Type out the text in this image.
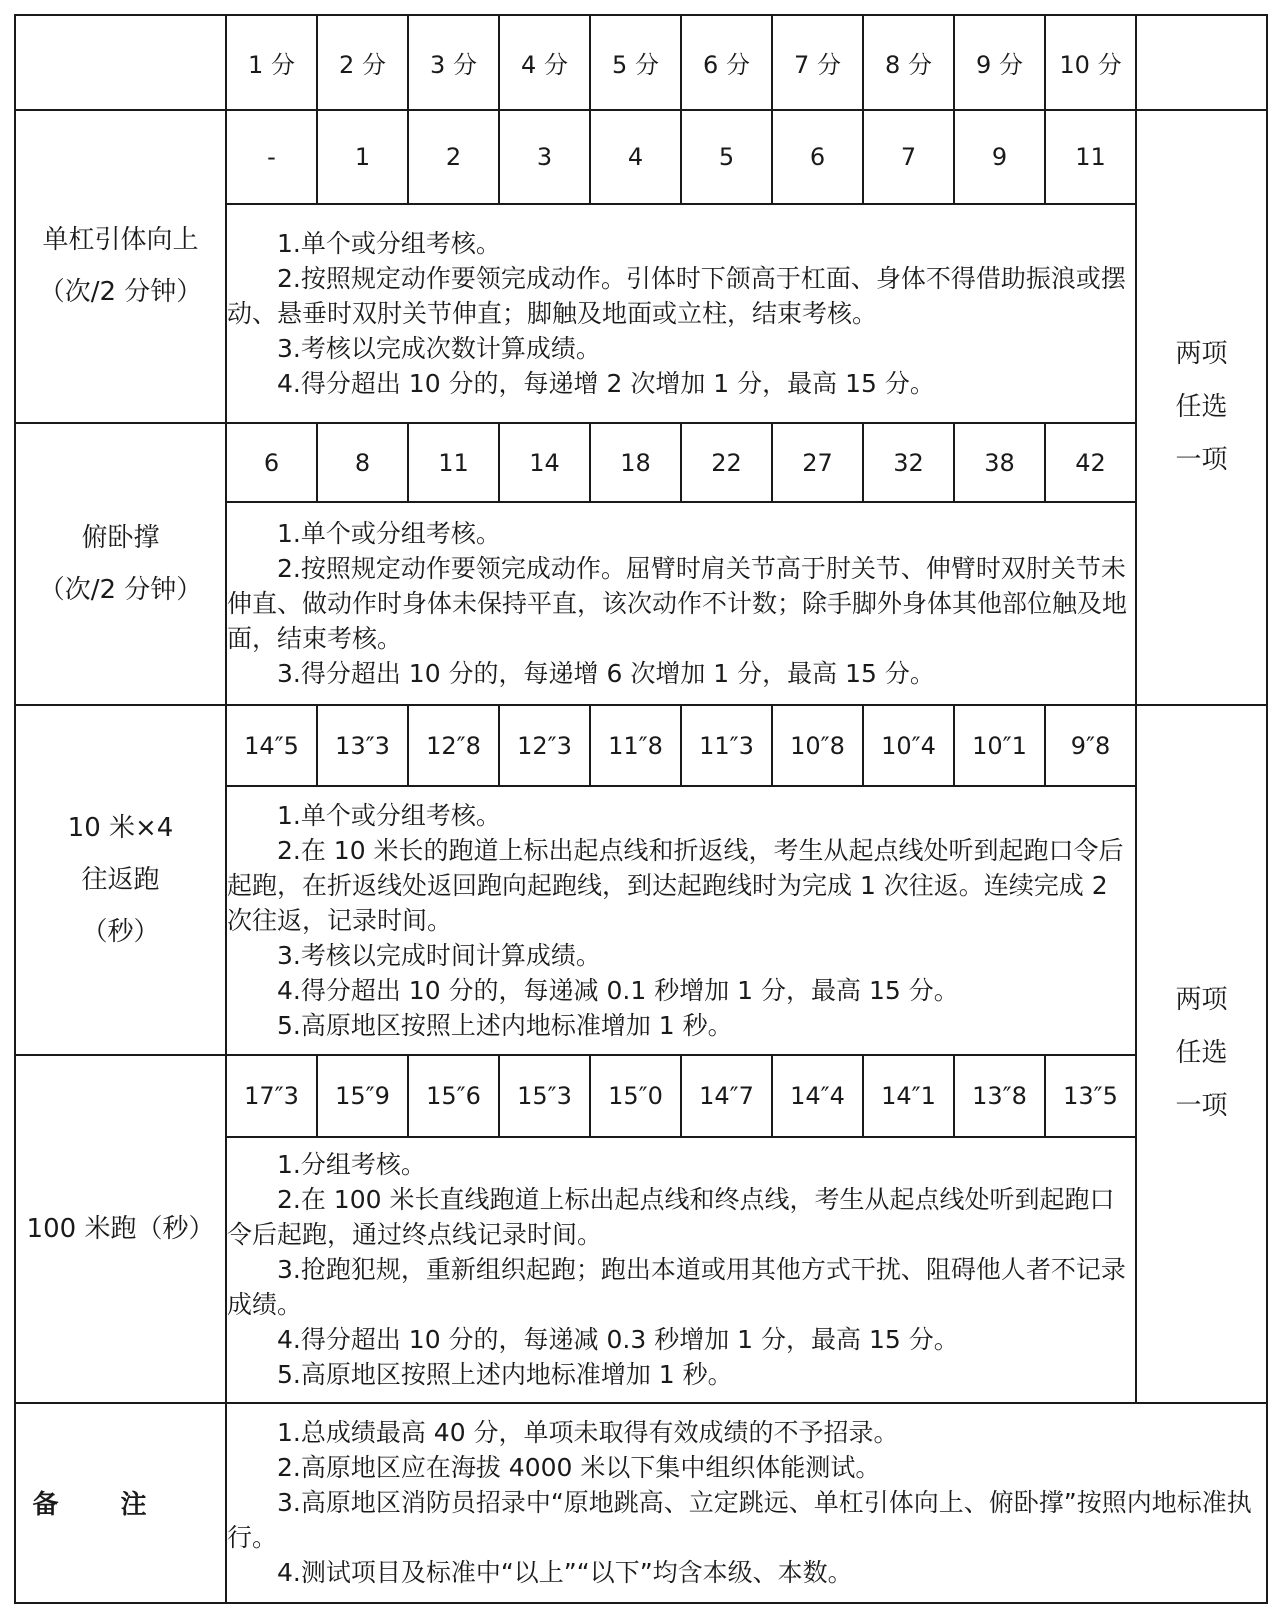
	1 分	2 分	3 分	4 分	5 分	6 分	7 分	8 分	9 分	10 分	

单杠引体向上
（次/2 分钟）	-	1	2	3	4	5	6	7	9	11	两项
任选
一项

	1.单个或分组考核。

2.按照规定动作要领完成动作。引体时下颌高于杠面、身体不得借助振浪或摆动、悬垂时双肘关节伸直；脚触及地面或立柱，结束考核。

3.考核以完成次数计算成绩。

4.得分超出 10 分的，每递增 2 次增加 1 分，最高 15 分。										

俯卧撑
（次/2 分钟）	6	8	11	14	18	22	27	32	38	42	

	1.单个或分组考核。

2.按照规定动作要领完成动作。屈臂时肩关节高于肘关节、伸臂时双肘关节未伸直、做动作时身体未保持平直，该次动作不计数；除手脚外身体其他部位触及地面，结束考核。

3.得分超出 10 分的，每递增 6 次增加 1 分，最高 15 分。										

10 米×4
往返跑
（秒）	14″5	13″3	12″8	12″3	11″8	11″3	10″8	10″4	10″1	9″8	两项
任选
一项

	1.单个或分组考核。

2.在 10 米长的跑道上标出起点线和折返线，考生从起点线处听到起跑口令后起跑，在折返线处返回跑向起跑线，到达起跑线时为完成 1 次往返。连续完成 2 次往返，记录时间。

3.考核以完成时间计算成绩。

4.得分超出 10 分的，每递减 0.1 秒增加 1 分，最高 15 分。

5.高原地区按照上述内地标准增加 1 秒。										

100 米跑（秒）	17″3	15″9	15″6	15″3	15″0	14″7	14″4	14″1	13″8	13″5	

	1.分组考核。

2.在 100 米长直线跑道上标出起点线和终点线，考生从起点线处听到起跑口令后起跑，通过终点线记录时间。

3.抢跑犯规，重新组织起跑；跑出本道或用其他方式干扰、阻碍他人者不记录成绩。

4.得分超出 10 分的，每递减 0.3 秒增加 1 分，最高 15 分。

5.高原地区按照上述内地标准增加 1 秒。										

备注	1.总成绩最高 40 分，单项未取得有效成绩的不予招录。

2.高原地区应在海拔 4000 米以下集中组织体能测试。

3.高原地区消防员招录中“原地跳高、立定跳远、单杠引体向上、俯卧撑”按照内地标准执行。

4.测试项目及标准中“以上”“以下”均含本级、本数。										
